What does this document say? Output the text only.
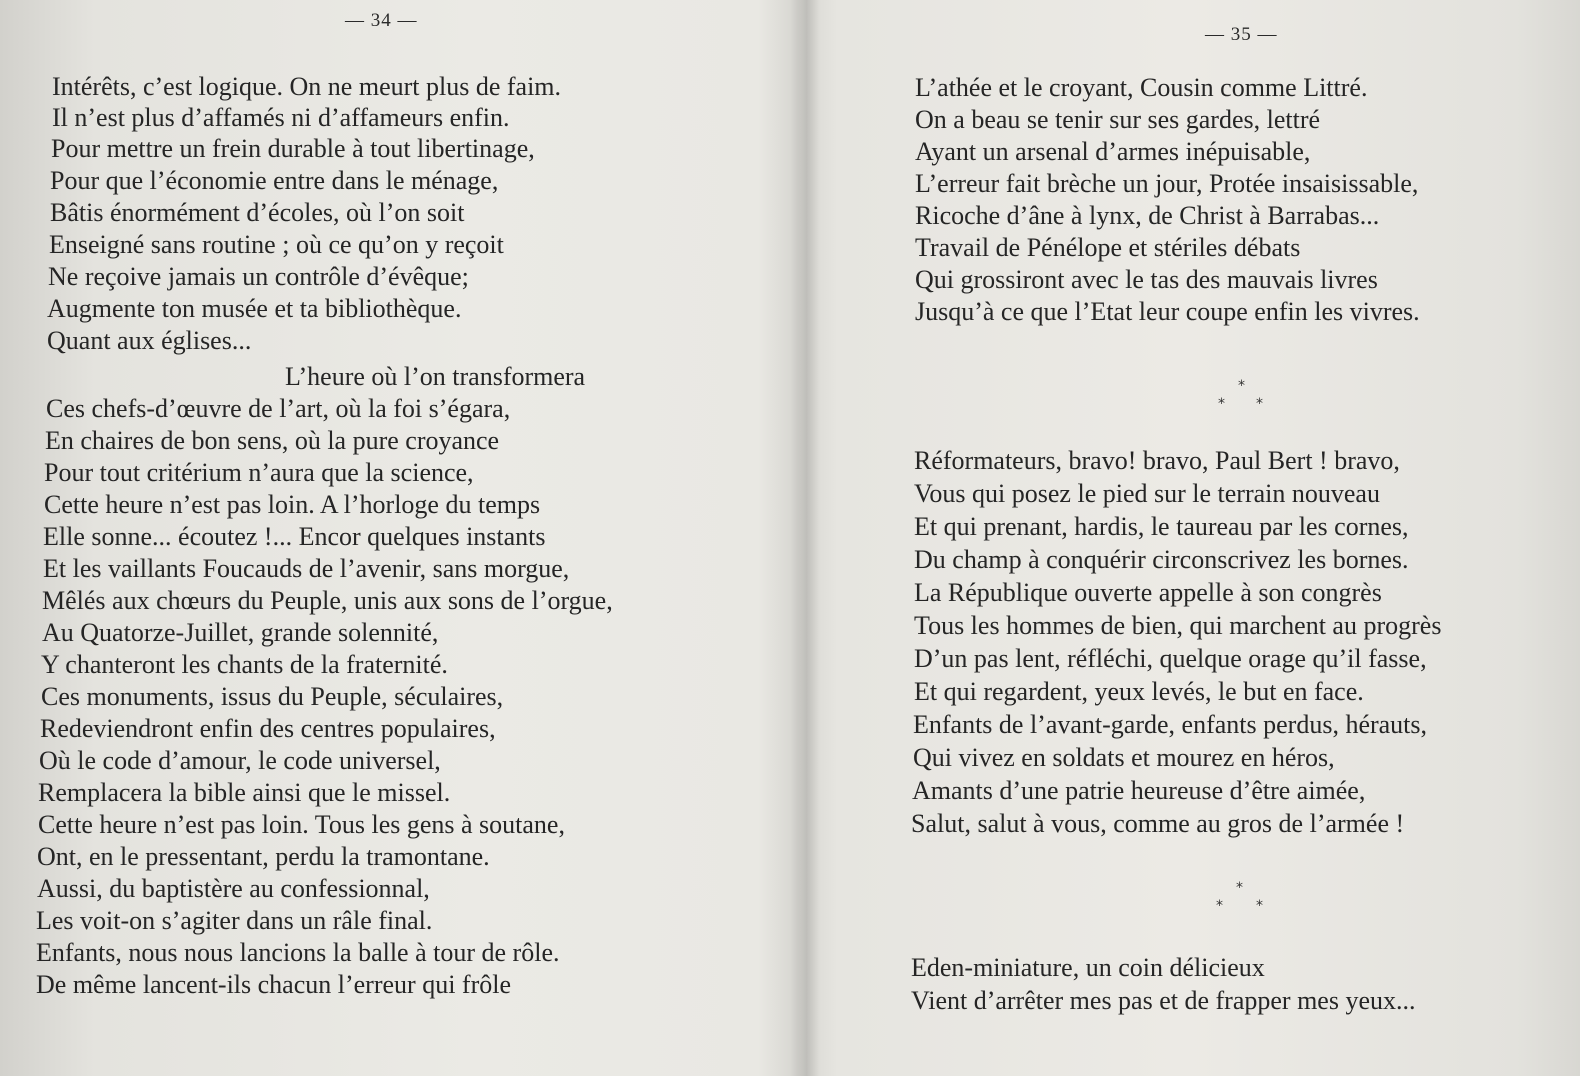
— 34 —
Intérêts, c’est logique. On ne meurt plus de faim.
Il n’est plus d’affamés ni d’affameurs enfin.
Pour mettre un frein durable à tout libertinage,
Pour que l’économie entre dans le ménage,
Bâtis énormément d’écoles, où l’on soit
Enseigné sans routine ; où ce qu’on y reçoit
Ne reçoive jamais un contrôle d’évêque;
Augmente ton musée et ta bibliothèque.
Quant aux églises...
L’heure où l’on transformera
Ces chefs-d’œuvre de l’art, où la foi s’égara,
En chaires de bon sens, où la pure croyance
Pour tout critérium n’aura que la science,
Cette heure n’est pas loin. A l’horloge du temps
Elle sonne... écoutez !... Encor quelques instants
Et les vaillants Foucauds de l’avenir, sans morgue,
Mêlés aux chœurs du Peuple, unis aux sons de l’orgue,
Au Quatorze-Juillet, grande solennité,
Y chanteront les chants de la fraternité.
Ces monuments, issus du Peuple, séculaires,
Redeviendront enfin des centres populaires,
Où le code d’amour, le code universel,
Remplacera la bible ainsi que le missel.
Cette heure n’est pas loin. Tous les gens à soutane,
Ont, en le pressentant, perdu la tramontane.
Aussi, du baptistère au confessionnal,
Les voit-on s’agiter dans un râle final.
Enfants, nous nous lancions la balle à tour de rôle.
De même lancent-ils chacun l’erreur qui frôle
— 35 —
L’athée et le croyant, Cousin comme Littré.
On a beau se tenir sur ses gardes, lettré
Ayant un arsenal d’armes inépuisable,
L’erreur fait brèche un jour, Protée insaisissable,
Ricoche d’âne à lynx, de Christ à Barrabas...
Travail de Pénélope et stériles débats
Qui grossiront avec le tas des mauvais livres
Jusqu’à ce que l’Etat leur coupe enfin les vivres.
*
* *
Réformateurs, bravo! bravo, Paul Bert ! bravo,
Vous qui posez le pied sur le terrain nouveau
Et qui prenant, hardis, le taureau par les cornes,
Du champ à conquérir circonscrivez les bornes.
La République ouverte appelle à son congrès
Tous les hommes de bien, qui marchent au progrès
D’un pas lent, réfléchi, quelque orage qu’il fasse,
Et qui regardent, yeux levés, le but en face.
Enfants de l’avant-garde, enfants perdus, hérauts,
Qui vivez en soldats et mourez en héros,
Amants d’une patrie heureuse d’être aimée,
Salut, salut à vous, comme au gros de l’armée !
*
* *
Eden-miniature, un coin délicieux
Vient d’arrêter mes pas et de frapper mes yeux...
